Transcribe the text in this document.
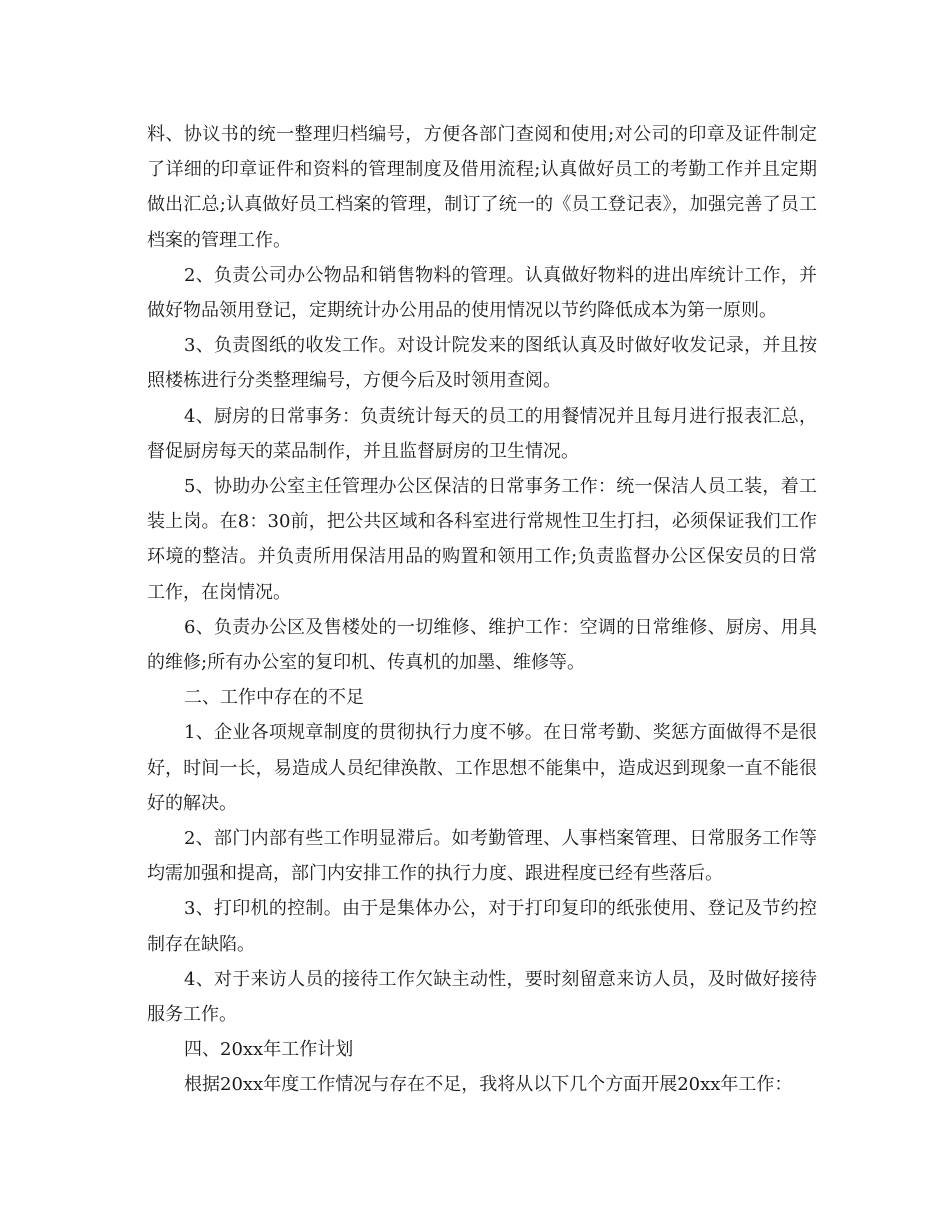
料、协议书的统一整理归档编号，方便各部门查阅和使用;对公司的印章及证件制定了详细的印章证件和资料的管理制度及借用流程;认真做好员工的考勤工作并且定期做出汇总;认真做好员工档案的管理，制订了统一的《员工登记表》，加强完善了员工档案的管理工作。

2、负责公司办公物品和销售物料的管理。认真做好物料的进出库统计工作，并做好物品领用登记，定期统计办公用品的使用情况以节约降低成本为第一原则。

3、负责图纸的收发工作。对设计院发来的图纸认真及时做好收发记录，并且按照楼栋进行分类整理编号，方便今后及时领用查阅。

4、厨房的日常事务：负责统计每天的员工的用餐情况并且每月进行报表汇总，督促厨房每天的菜品制作，并且监督厨房的卫生情况。

5、协助办公室主任管理办公区保洁的日常事务工作：统一保洁人员工装，着工装上岗。在8：30前，把公共区域和各科室进行常规性卫生打扫，必须保证我们工作环境的整洁。并负责所用保洁用品的购置和领用工作;负责监督办公区保安员的日常工作，在岗情况。

6、负责办公区及售楼处的一切维修、维护工作：空调的日常维修、厨房、用具的维修;所有办公室的复印机、传真机的加墨、维修等。

二、工作中存在的不足

1、企业各项规章制度的贯彻执行力度不够。在日常考勤、奖惩方面做得不是很好，时间一长，易造成人员纪律涣散、工作思想不能集中，造成迟到现象一直不能很好的解决。

2、部门内部有些工作明显滞后。如考勤管理、人事档案管理、日常服务工作等均需加强和提高，部门内安排工作的执行力度、跟进程度已经有些落后。

3、打印机的控制。由于是集体办公，对于打印复印的纸张使用、登记及节约控制存在缺陷。

4、对于来访人员的接待工作欠缺主动性，要时刻留意来访人员，及时做好接待服务工作。

四、20xx年工作计划

根据20xx年度工作情况与存在不足，我将从以下几个方面开展20xx年工作：
